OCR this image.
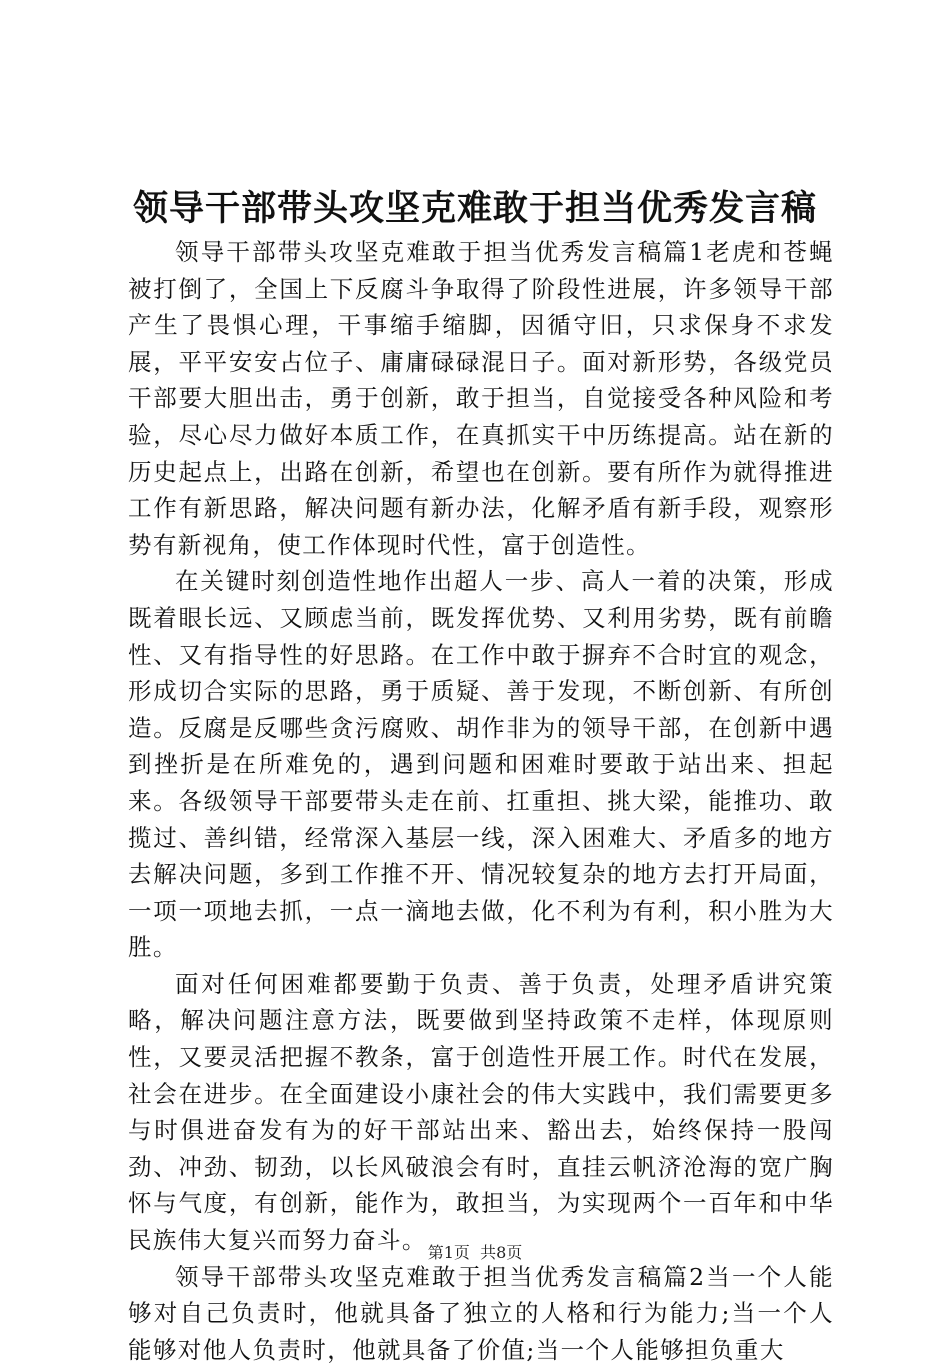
领导干部带头攻坚克难敢于担当优秀发言稿

领导干部带头攻坚克难敢于担当优秀发言稿篇1老虎和苍蝇被打倒了，全国上下反腐斗争取得了阶段性进展，许多领导干部产生了畏惧心理，干事缩手缩脚，因循守旧，只求保身不求发展，平平安安占位子、庸庸碌碌混日子。面对新形势，各级党员干部要大胆出击，勇于创新，敢于担当，自觉接受各种风险和考验，尽心尽力做好本质工作，在真抓实干中历练提高。站在新的历史起点上，出路在创新，希望也在创新。要有所作为就得推进工作有新思路，解决问题有新办法，化解矛盾有新手段，观察形势有新视角，使工作体现时代性，富于创造性。

在关键时刻创造性地作出超人一步、高人一着的决策，形成既着眼长远、又顾虑当前，既发挥优势、又利用劣势，既有前瞻性、又有指导性的好思路。在工作中敢于摒弃不合时宜的观念，形成切合实际的思路，勇于质疑、善于发现，不断创新、有所创造。反腐是反哪些贪污腐败、胡作非为的领导干部，在创新中遇到挫折是在所难免的，遇到问题和困难时要敢于站出来、担起来。各级领导干部要带头走在前、扛重担、挑大梁，能推功、敢揽过、善纠错，经常深入基层一线，深入困难大、矛盾多的地方去解决问题，多到工作推不开、情况较复杂的地方去打开局面，一项一项地去抓，一点一滴地去做，化不利为有利，积小胜为大胜。

面对任何困难都要勤于负责、善于负责，处理矛盾讲究策略，解决问题注意方法，既要做到坚持政策不走样，体现原则性，又要灵活把握不教条，富于创造性开展工作。时代在发展，社会在进步。在全面建设小康社会的伟大实践中，我们需要更多与时俱进奋发有为的好干部站出来、豁出去，始终保持一股闯劲、冲劲、韧劲，以长风破浪会有时，直挂云帆济沧海的宽广胸怀与气度，有创新，能作为，敢担当，为实现两个一百年和中华民族伟大复兴而努力奋斗。

领导干部带头攻坚克难敢于担当优秀发言稿篇2当一个人能够对自己负责时，他就具备了独立的人格和行为能力;当一个人能够对他人负责时，他就具备了价值;当一个人能够担负重大

第1页 共8页
